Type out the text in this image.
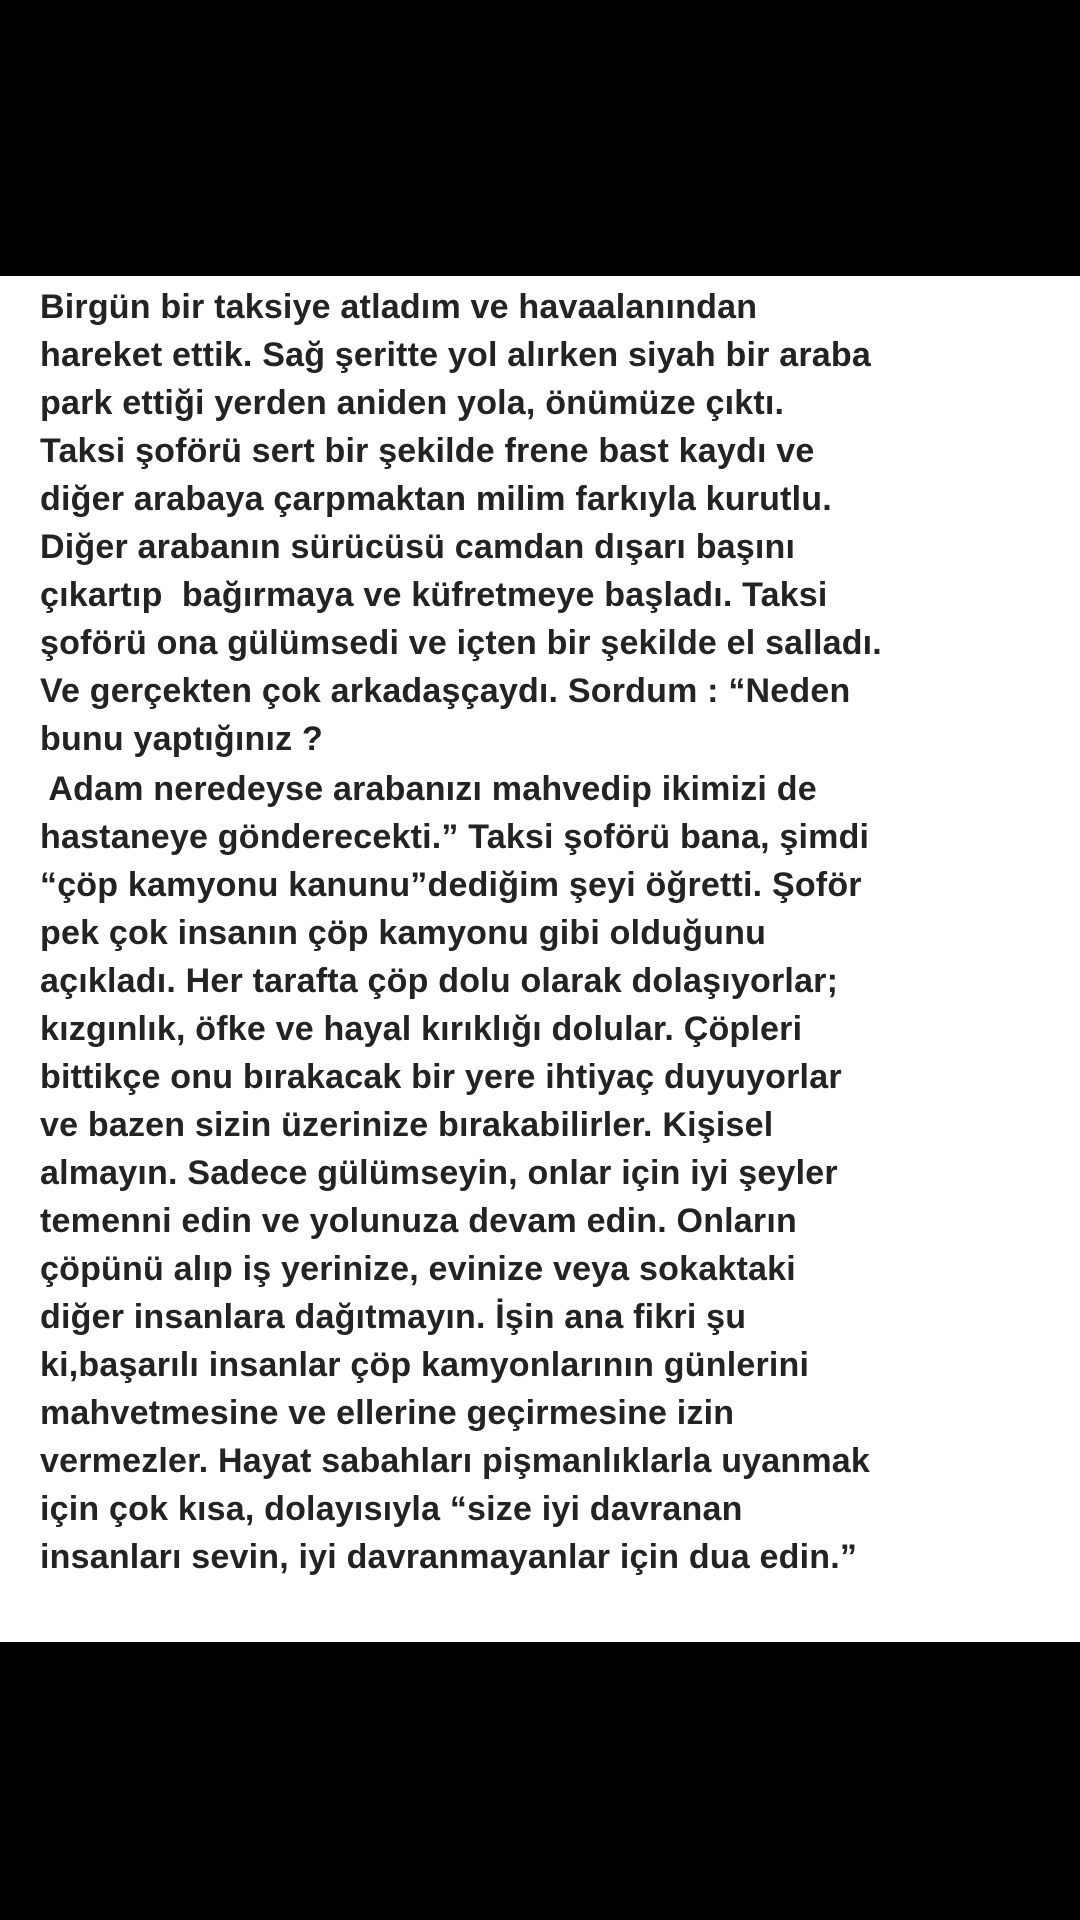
Birgün bir taksiye atladım ve havaalanından
hareket ettik. Sağ şeritte yol alırken siyah bir araba
park ettiği yerden aniden yola, önümüze çıktı.
Taksi şoförü sert bir şekilde frene bast kaydı ve
diğer arabaya çarpmaktan milim farkıyla kurutlu.
Diğer arabanın sürücüsü camdan dışarı başını
çıkartıp  bağırmaya ve küfretmeye başladı. Taksi
şoförü ona gülümsedi ve içten bir şekilde el salladı.
Ve gerçekten çok arkadaşçaydı. Sordum : “Neden
bunu yaptığınız ?
Adam neredeyse arabanızı mahvedip ikimizi de
hastaneye gönderecekti.” Taksi şoförü bana, şimdi
“çöp kamyonu kanunu”dediğim şeyi öğretti. Şoför
pek çok insanın çöp kamyonu gibi olduğunu
açıkladı. Her tarafta çöp dolu olarak dolaşıyorlar;
kızgınlık, öfke ve hayal kırıklığı dolular. Çöpleri
bittikçe onu bırakacak bir yere ihtiyaç duyuyorlar
ve bazen sizin üzerinize bırakabilirler. Kişisel
almayın. Sadece gülümseyin, onlar için iyi şeyler
temenni edin ve yolunuza devam edin. Onların
çöpünü alıp iş yerinize, evinize veya sokaktaki
diğer insanlara dağıtmayın. İşin ana fikri şu
ki,başarılı insanlar çöp kamyonlarının günlerini
mahvetmesine ve ellerine geçirmesine izin
vermezler. Hayat sabahları pişmanlıklarla uyanmak
için çok kısa, dolayısıyla “size iyi davranan
insanları sevin, iyi davranmayanlar için dua edin.”
